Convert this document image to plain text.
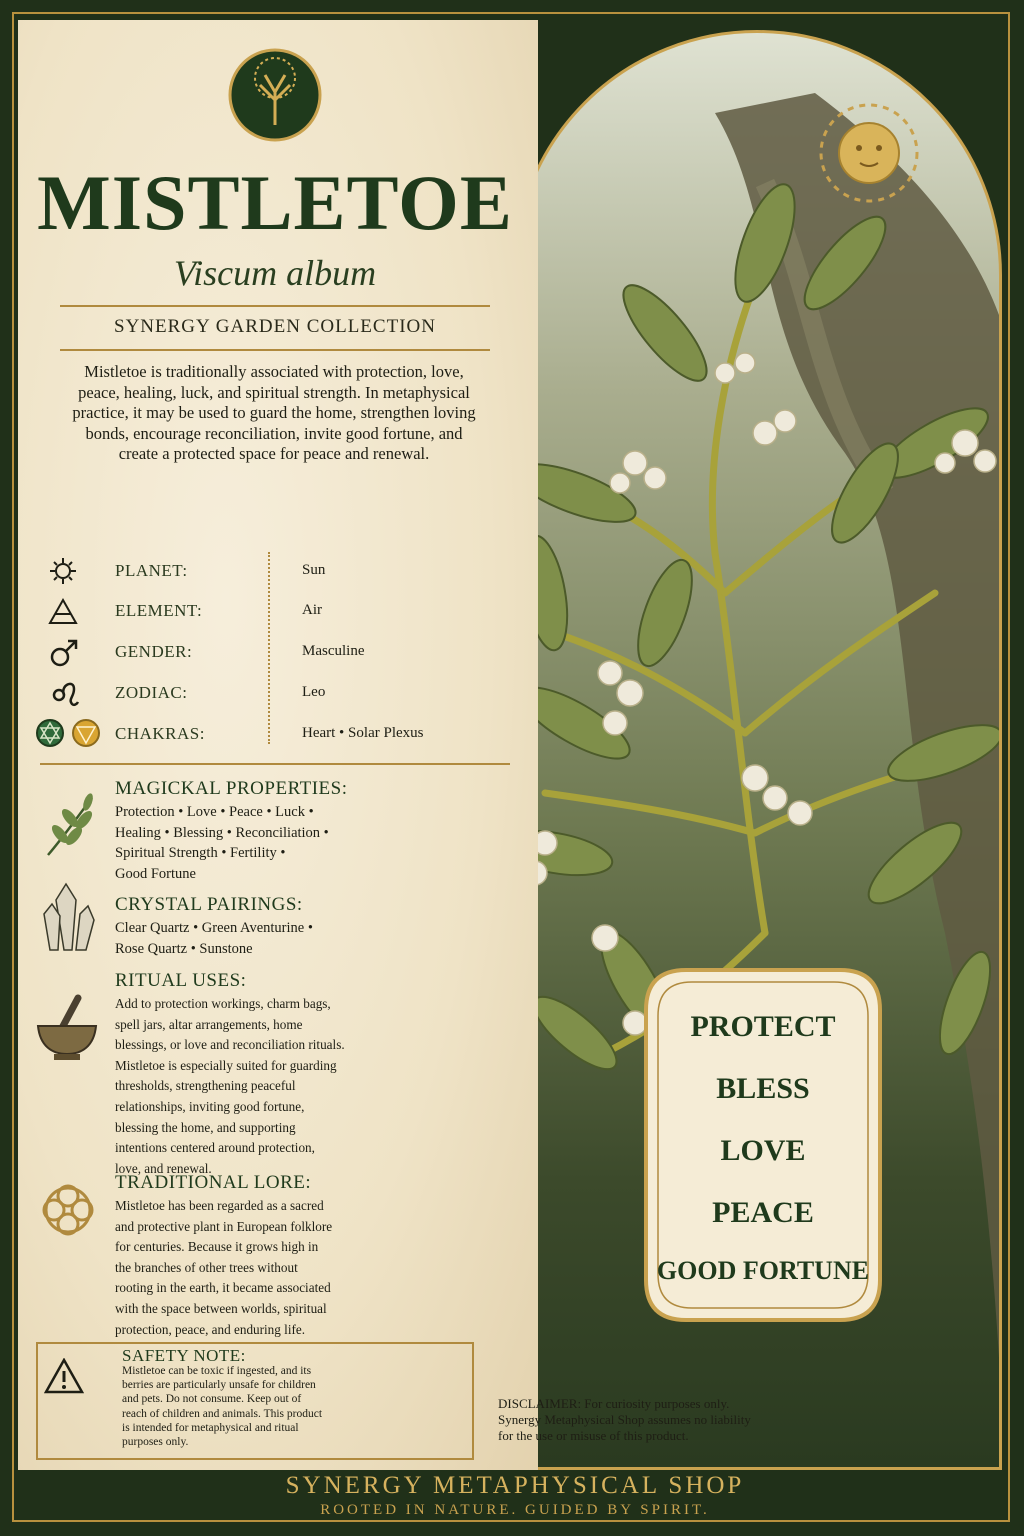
MISTLETOE
Viscum album
SYNERGY GARDEN COLLECTION
Mistletoe is traditionally associated with protection, love, peace, healing, luck, and spiritual strength. In metaphysical practice, it may be used to guard the home, strengthen loving bonds, encourage reconciliation, invite good fortune, and create a protected space for peace and renewal.
PLANET:	Sun
ELEMENT:	Air
GENDER:	Masculine
ZODIAC:	Leo
CHAKRAS:	Heart • Solar Plexus
MAGICKAL PROPERTIES:
Protection • Love • Peace • Luck •
Healing • Blessing • Reconciliation •
Spiritual Strength • Fertility •
Good Fortune
CRYSTAL PAIRINGS:
Clear Quartz • Green Aventurine •
Rose Quartz • Sunstone
RITUAL USES:
Add to protection workings, charm bags,
spell jars, altar arrangements, home
blessings, or love and reconciliation rituals.
Mistletoe is especially suited for guarding
thresholds, strengthening peaceful
relationships, inviting good fortune,
blessing the home, and supporting
intentions centered around protection,
love, and renewal.
TRADITIONAL LORE:
Mistletoe has been regarded as a sacred
and protective plant in European folklore
for centuries. Because it grows high in
the branches of other trees without
rooting in the earth, it became associated
with the space between worlds, spiritual
protection, peace, and enduring life.
SAFETY NOTE:
Mistletoe can be toxic if ingested, and its
berries are particularly unsafe for children
and pets. Do not consume. Keep out of
reach of children and animals. This product
is intended for metaphysical and ritual
purposes only.
PROTECT
BLESS
LOVE
PEACE
GOOD FORTUNE
DISCLAIMER: For curiosity purposes only.
Synergy Metaphysical Shop assumes no liability
for the use or misuse of this product.
SYNERGY METAPHYSICAL SHOP
ROOTED IN NATURE. GUIDED BY SPIRIT.
